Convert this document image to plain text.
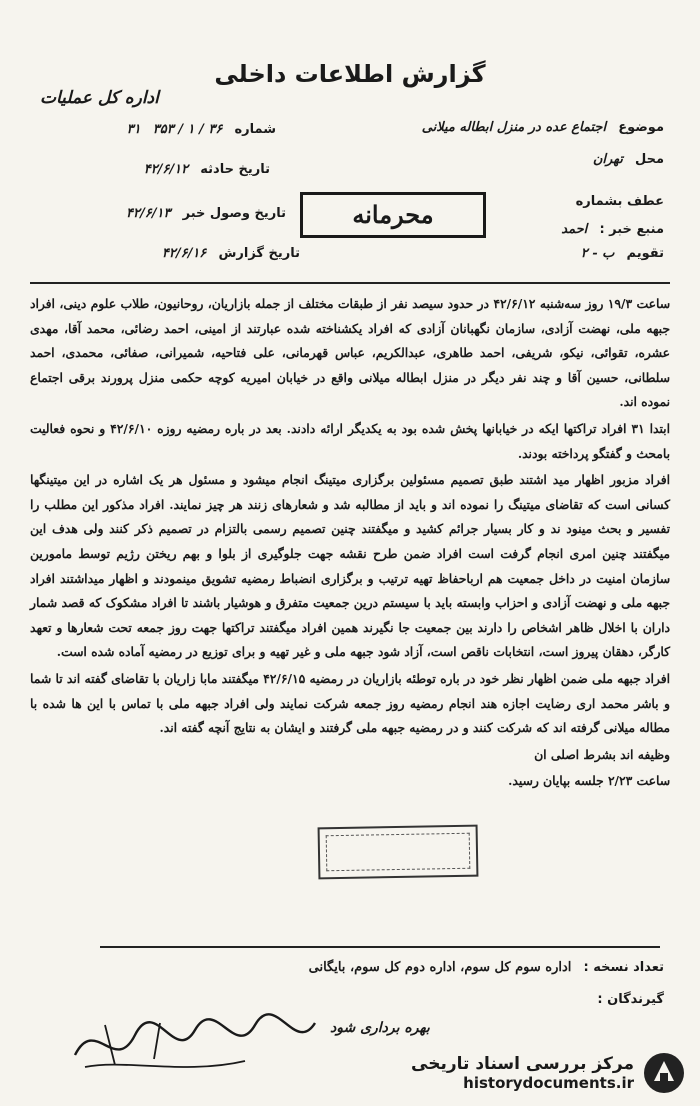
گزارش اطلاعات داخلی
اداره کل عملیات
موضوع اجتماع عده در منزل ابطاله میلانی
محل تهران
عطف بشماره
منبع خبر : احمد
تقویم ب - ۲
شماره ۳۶ / ۱ / ۳۵۳ ۳۱
تاریخ حادثه ۴۲/۶/۱۲
تاریخ وصول خبر ۴۲/۶/۱۳
تاریخ گزارش ۴۲/۶/۱۶
محرمانه

ساعت ۱۹/۳ روز سه‌شنبه ۴۲/۶/۱۲ در حدود سیصد نفر از طبقات مختلف از جمله بازاریان، روحانیون، طلاب علوم دینی، افراد جبهه ملی، نهضت آزادی، سازمان نگهبانان آزادی که افراد یکشناخته شده عبارتند از امینی، احمد رضائی، محمد آقا، مهدی عشره، تقوائی، نیکو، شریفی، احمد طاهری، عبدالکریم، عباس قهرمانی، علی فتاحیه، شمیرانی، صفائی، محمدی، احمد سلطانی، حسین آقا و چند نفر دیگر در منزل ابطاله میلانی واقع در خیابان امیریه کوچه حکمی منزل پرورند برقی اجتماع نموده اند.

ابتدا ۳۱ افراد تراکتها ایکه در خیابانها پخش شده بود به یکدیگر ارائه دادند. بعد در باره رمضیه روزه ۴۲/۶/۱۰ و نحوه فعالیت بامحث و گفتگو پرداخته بودند.

افراد مزبور اظهار مید اشتند طبق تصمیم مسئولین برگزاری میتینگ انجام میشود و مسئول هر یک اشاره در این میتینگها کسانی است که تقاضای میتینگ را نموده اند و باید از مطالبه شد و شعارهای زنند هر چیز نمایند. افراد مذکور این مطلب را تفسیر و بحث مینود ند و کار بسیار جرائم کشید و میگفتند چنین تصمیم رسمی بالتزام در تصمیم ذکر کنند ولی هدف این میگفتند چنین امری انجام گرفت است افراد ضمن طرح نقشه جهت جلوگیری از بلوا و بهم ریختن رژیم توسط مامورین سازمان امنیت در داخل جمعیت هم ارباحفاظ تهیه ترتیب و برگزاری انضباط رمضیه تشویق مینمودند و اظهار میداشتند افراد جبهه ملی و نهضت آزادی و احزاب وابسته باید با سیستم درین جمعیت متفرق و هوشیار باشند تا افراد مشکوک که قصد شمار داران با اخلال ظاهر اشخاص را دارند بین جمعیت جا نگیرند همین افراد میگفتند تراکتها جهت روز جمعه تحت شعارها و تعهد کارگر، دهقان پیروز است، انتخابات ناقص است، آزاد شود جبهه ملی و غیر تهیه و برای توزیع در رمضیه آماده شده است.

افراد جبهه ملی ضمن اظهار نظر خود در باره توطئه بازاریان در رمضیه ۴۲/۶/۱۵ میگفتند مابا زاریان با تقاضای گفته اند تا شما و باشر محمد اری رضایت اجازه هند انجام رمضیه روز جمعه شرکت نمایند ولی افراد جبهه ملی با تماس با این ها شده با مطاله میلانی گرفته اند که شرکت کنند و در رمضیه جبهه ملی گرفتند و ایشان به نتایج آنچه گفته اند.

وظیفه اند بشرط اصلی ان

ساعت ۲/۲۳ جلسه بپایان رسید.

تعداد نسخه : اداره سوم کل سوم، اداره دوم کل سوم، بایگانی
گیرندگان :
بهره برداری شود
مرکز بررسی اسناد تاریخی
historydocuments.ir
